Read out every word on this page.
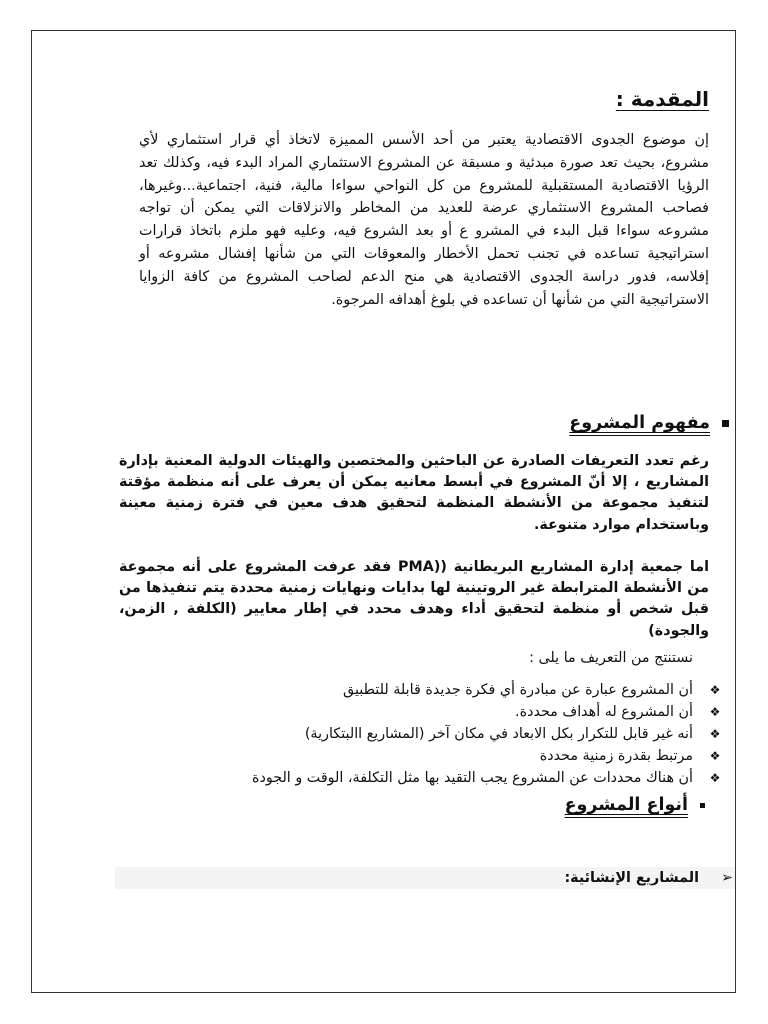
المقدمة :

إن موضوع الجدوى الاقتصادية يعتبر من أحد الأسس المميزة لاتخاذ أي قرار استثماري لأي مشروع، بحيث تعد صورة مبدئية و مسبقة عن المشروع الاستثماري المراد البدء فيه، وكذلك تعد الرؤيا الاقتصادية المستقبلية للمشروع من كل النواحي سواءا مالية، فنية، اجتماعية...وغيرها، فصاحب المشروع الاستثماري عرضة للعديد من المخاطر والانزلاقات التي يمكن أن تواجه مشروعه سواءا قبل البدء في المشرو ع أو بعد الشروع فيه، وعليه فهو ملزم باتخاذ قرارات استراتيجية تساعده في تجنب تحمل الأخطار والمعوقات التي من شأنها إفشال مشروعه أو إفلاسه، فدور دراسة الجدوى الاقتصادية هي منح الدعم لصاحب المشروع من كافة الزوايا الاستراتيجية التي من شأنها أن تساعده في بلوغ أهدافه المرجوة.

مفهوم المشروع

رغم تعدد التعريفات الصادرة عن الباحثين والمختصين والهيئات الدولية المعنية بإدارة المشاريع ، إلا أنّ المشروع في أبسط معانيه يمكن أن يعرف على أنه منظمة مؤقتة لتنفيذ مجموعة من الأنشطة المنظمة لتحقيق هدف معين في فترة زمنية معينة وباستخدام موارد متنوعة.

اما جمعية إدارة المشاريع البريطانية ((PMA فقد عرفت المشروع على أنه مجموعة من الأنشطة المترابطة غير الروتينية لها بدايات ونهايات زمنية محددة يتم تنفيذها من قبل شخص أو منظمة لتحقيق أداء وهدف محدد في إطار معايير (الكلفة , الزمن، والجودة)

نستنتج من التعريف ما يلى :

❖
أن المشروع عبارة عن مبادرة أي فكرة جديدة قابلة للتطبيق
❖
أن المشروع له أهداف محددة.
❖
أنه غير قابل للتكرار بكل الابعاد في مكان آخر (المشاريع االبتكارية)
❖
مرتبط بقدرة زمنية محددة
❖
أن هناك محددات عن المشروع يجب التقيد بها مثل التكلفة، الوقت و الجودة
أنواع المشروع
➢
المشاريع الإنشائية:
